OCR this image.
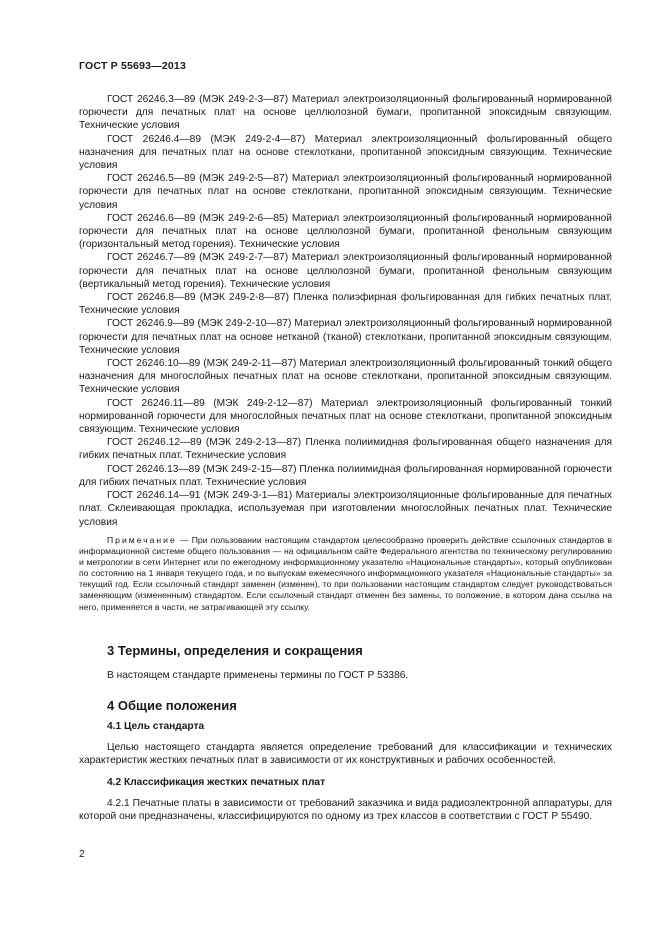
ГОСТ Р 55693—2013

ГОСТ 26246.3—89 (МЭК 249-2-3—87) Материал электроизоляционный фольгированный нормированной горючести для печатных плат на основе целлюлозной бумаги, пропитанной эпоксидным связующим. Технические условия

ГОСТ 26246.4—89 (МЭК 249-2-4—87) Материал электроизоляционный фольгированный общего назначения для печатных плат на основе стеклоткани, пропитанной эпоксидным связующим. Технические условия

ГОСТ 26246.5—89 (МЭК 249-2-5—87) Материал электроизоляционный фольгированный нормированной горючести для печатных плат на основе стеклоткани, пропитанной эпоксидным связующим. Технические условия

ГОСТ 26246.6—89 (МЭК 249-2-6—85) Материал электроизоляционный фольгированный нормированной горючести для печатных плат на основе целлюлозной бумаги, пропитанной фенольным связующим (горизонтальный метод горения). Технические условия

ГОСТ 26246.7—89 (МЭК 249-2-7—87) Материал электроизоляционный фольгированный нормированной горючести для печатных плат на основе целлюлозной бумаги, пропитанной фенольным связующим (вертикальный метод горения). Технические условия

ГОСТ 26246.8—89 (МЭК 249-2-8—87) Пленка полиэфирная фольгированная для гибких печатных плат. Технические условия

ГОСТ 26246.9—89 (МЭК 249-2-10—87) Материал электроизоляционный фольгированный нормированной горючести для печатных плат на основе нетканой (тканой) стеклоткани, пропитанной эпоксидным связующим. Технические условия

ГОСТ 26246.10—89 (МЭК 249-2-11—87) Материал электроизоляционный фольгированный тонкий общего назначения для многослойных печатных плат на основе стеклоткани, пропитанной эпоксидным связующим. Технические условия

ГОСТ 26246.11—89 (МЭК 249-2-12—87) Материал электроизоляционный фольгированный тонкий нормированной горючести для многослойных печатных плат на основе стеклоткани, пропитанной эпоксидным связующим. Технические условия

ГОСТ 26246.12—89 (МЭК 249-2-13—87) Пленка полиимидная фольгированная общего назначения для гибких печатных плат. Технические условия

ГОСТ 26246.13—89 (МЭК 249-2-15—87) Пленка полиимидная фольгированная нормированной горючести для гибких печатных плат. Технические условия

ГОСТ 26246.14—91 (МЭК 249-3-1—81) Материалы электроизоляционные фольгированные для печатных плат. Склеивающая прокладка, используемая при изготовлении многослойных печатных плат. Технические условия

Примечание — При пользовании настоящим стандартом целесообразно проверить действие ссылочных стандартов в информационной системе общего пользования — на официальном сайте Федерального агентства по техническому регулированию и метрологии в сети Интернет или по ежегодному информационному указателю «Национальные стандарты», который опубликован по состоянию на 1 января текущего года, и по выпускам ежемесячного информационного указателя «Национальные стандарты» за текущий год. Если ссылочный стандарт заменен (изменен), то при пользовании настоящим стандартом следует руководствоваться заменяющим (измененным) стандартом. Если ссылочный стандарт отменен без замены, то положение, в котором дана ссылка на него, применяется в части, не затрагивающей эту ссылку.

3 Термины, определения и сокращения

В настоящем стандарте применены термины по ГОСТ Р 53386.

4 Общие положения
4.1 Цель стандарта

Целью настоящего стандарта является определение требований для классификации и технических характеристик жестких печатных плат в зависимости от их конструктивных и рабочих особенностей.

4.2 Классификация жестких печатных плат

4.2.1 Печатные платы в зависимости от требований заказчика и вида радиоэлектронной аппаратуры, для которой они предназначены, классифицируются по одному из трех классов в соответствии с ГОСТ Р 55490.

2
